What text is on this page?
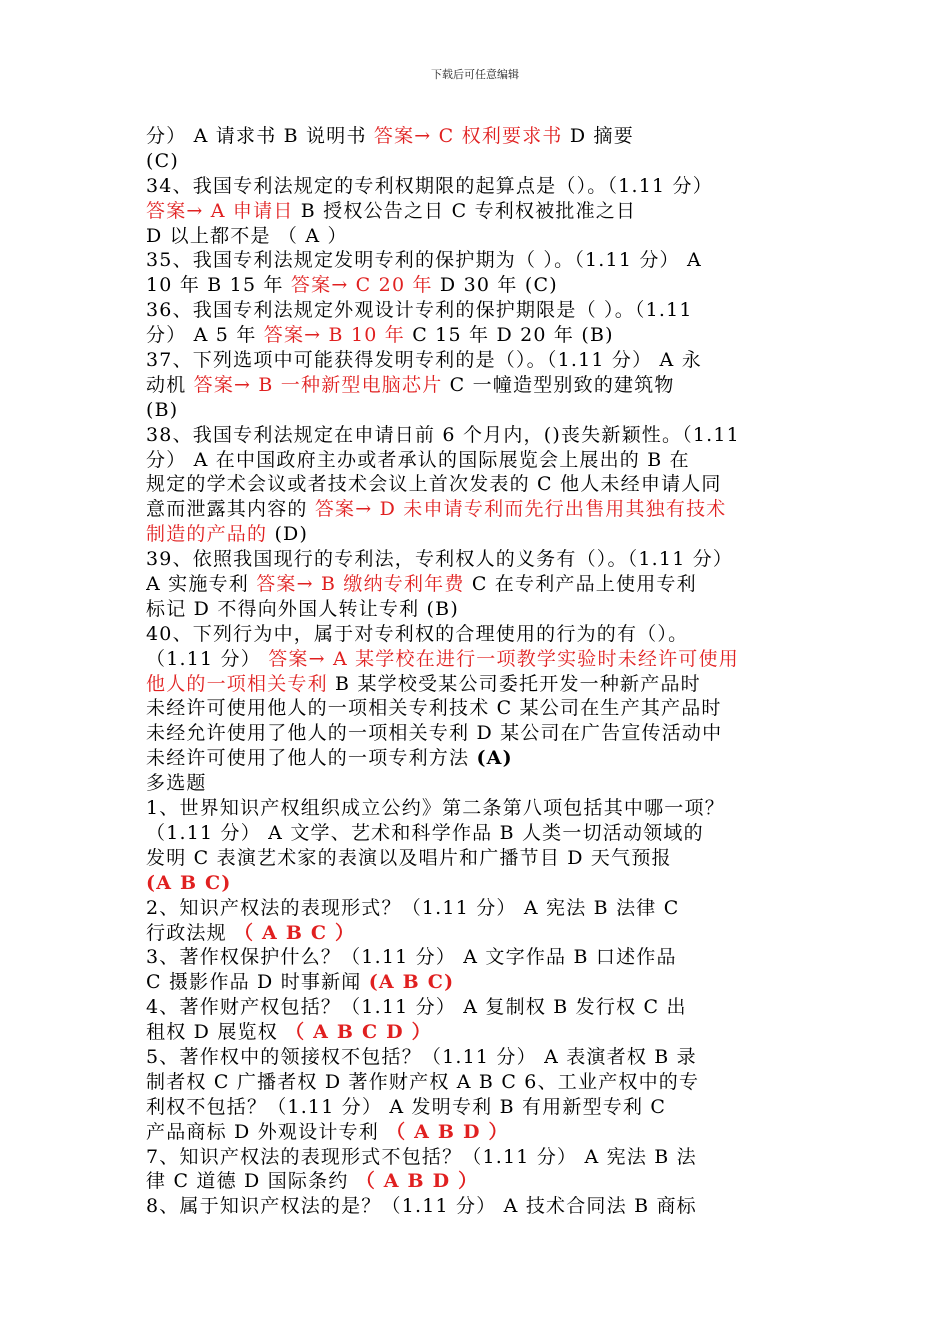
下载后可任意编辑
分） A 请求书 B 说明书 答案→ C 权利要求书 D 摘要
(C)
34、我国专利法规定的专利权期限的起算点是（）。（1.11 分）
答案→ A 申请日 B 授权公告之日 C 专利权被批准之日
D 以上都不是 （ A ）
35、我国专利法规定发明专利的保护期为（ ）。（1.11 分） A
10 年 B 15 年 答案→ C 20 年 D 30 年 (C)
36、我国专利法规定外观设计专利的保护期限是（ ）。（1.11
分） A 5 年 答案→ B 10 年 C 15 年 D 20 年 (B)
37、下列选项中可能获得发明专利的是（）。（1.11 分） A 永
动机 答案→ B 一种新型电脑芯片 C 一幢造型别致的建筑物
(B)
38、我国专利法规定在申请日前 6 个月内，()丧失新颖性。（1.11
分） A 在中国政府主办或者承认的国际展览会上展出的 B 在
规定的学术会议或者技术会议上首次发表的 C 他人未经申请人同
意而泄露其内容的 答案→ D 未申请专利而先行出售用其独有技术
制造的产品的 (D)
39、依照我国现行的专利法，专利权人的义务有（）。（1.11 分）
A 实施专利 答案→ B 缴纳专利年费 C 在专利产品上使用专利
标记 D 不得向外国人转让专利 (B)
40、下列行为中，属于对专利权的合理使用的行为的有（）。
（1.11 分） 答案→ A 某学校在进行一项教学实验时未经许可使用
他人的一项相关专利 B 某学校受某公司委托开发一种新产品时
未经许可使用他人的一项相关专利技术 C 某公司在生产其产品时
未经允许使用了他人的一项相关专利 D 某公司在广告宣传活动中
未经许可使用了他人的一项专利方法 (A)
多选题
1、世界知识产权组织成立公约》第二条第八项包括其中哪一项？
（1.11 分） A 文学、艺术和科学作品 B 人类一切活动领域的
发明 C 表演艺术家的表演以及唱片和广播节目 D 天气预报
(A B C)
2、知识产权法的表现形式？（1.11 分） A 宪法 B 法律 C
行政法规 （ A B C ）
3、著作权保护什么？（1.11 分） A 文字作品 B 口述作品
C 摄影作品 D 时事新闻 (A B C)
4、著作财产权包括？（1.11 分） A 复制权 B 发行权 C 出
租权 D 展览权 （ A B C D ）
5、著作权中的领接权不包括？（1.11 分） A 表演者权 B 录
制者权 C 广播者权 D 著作财产权 A B C 6、工业产权中的专
利权不包括？（1.11 分） A 发明专利 B 有用新型专利 C
产品商标 D 外观设计专利 （ A B D ）
7、知识产权法的表现形式不包括？（1.11 分） A 宪法 B 法
律 C 道德 D 国际条约 （ A B D ）
8、属于知识产权法的是？（1.11 分） A 技术合同法 B 商标
